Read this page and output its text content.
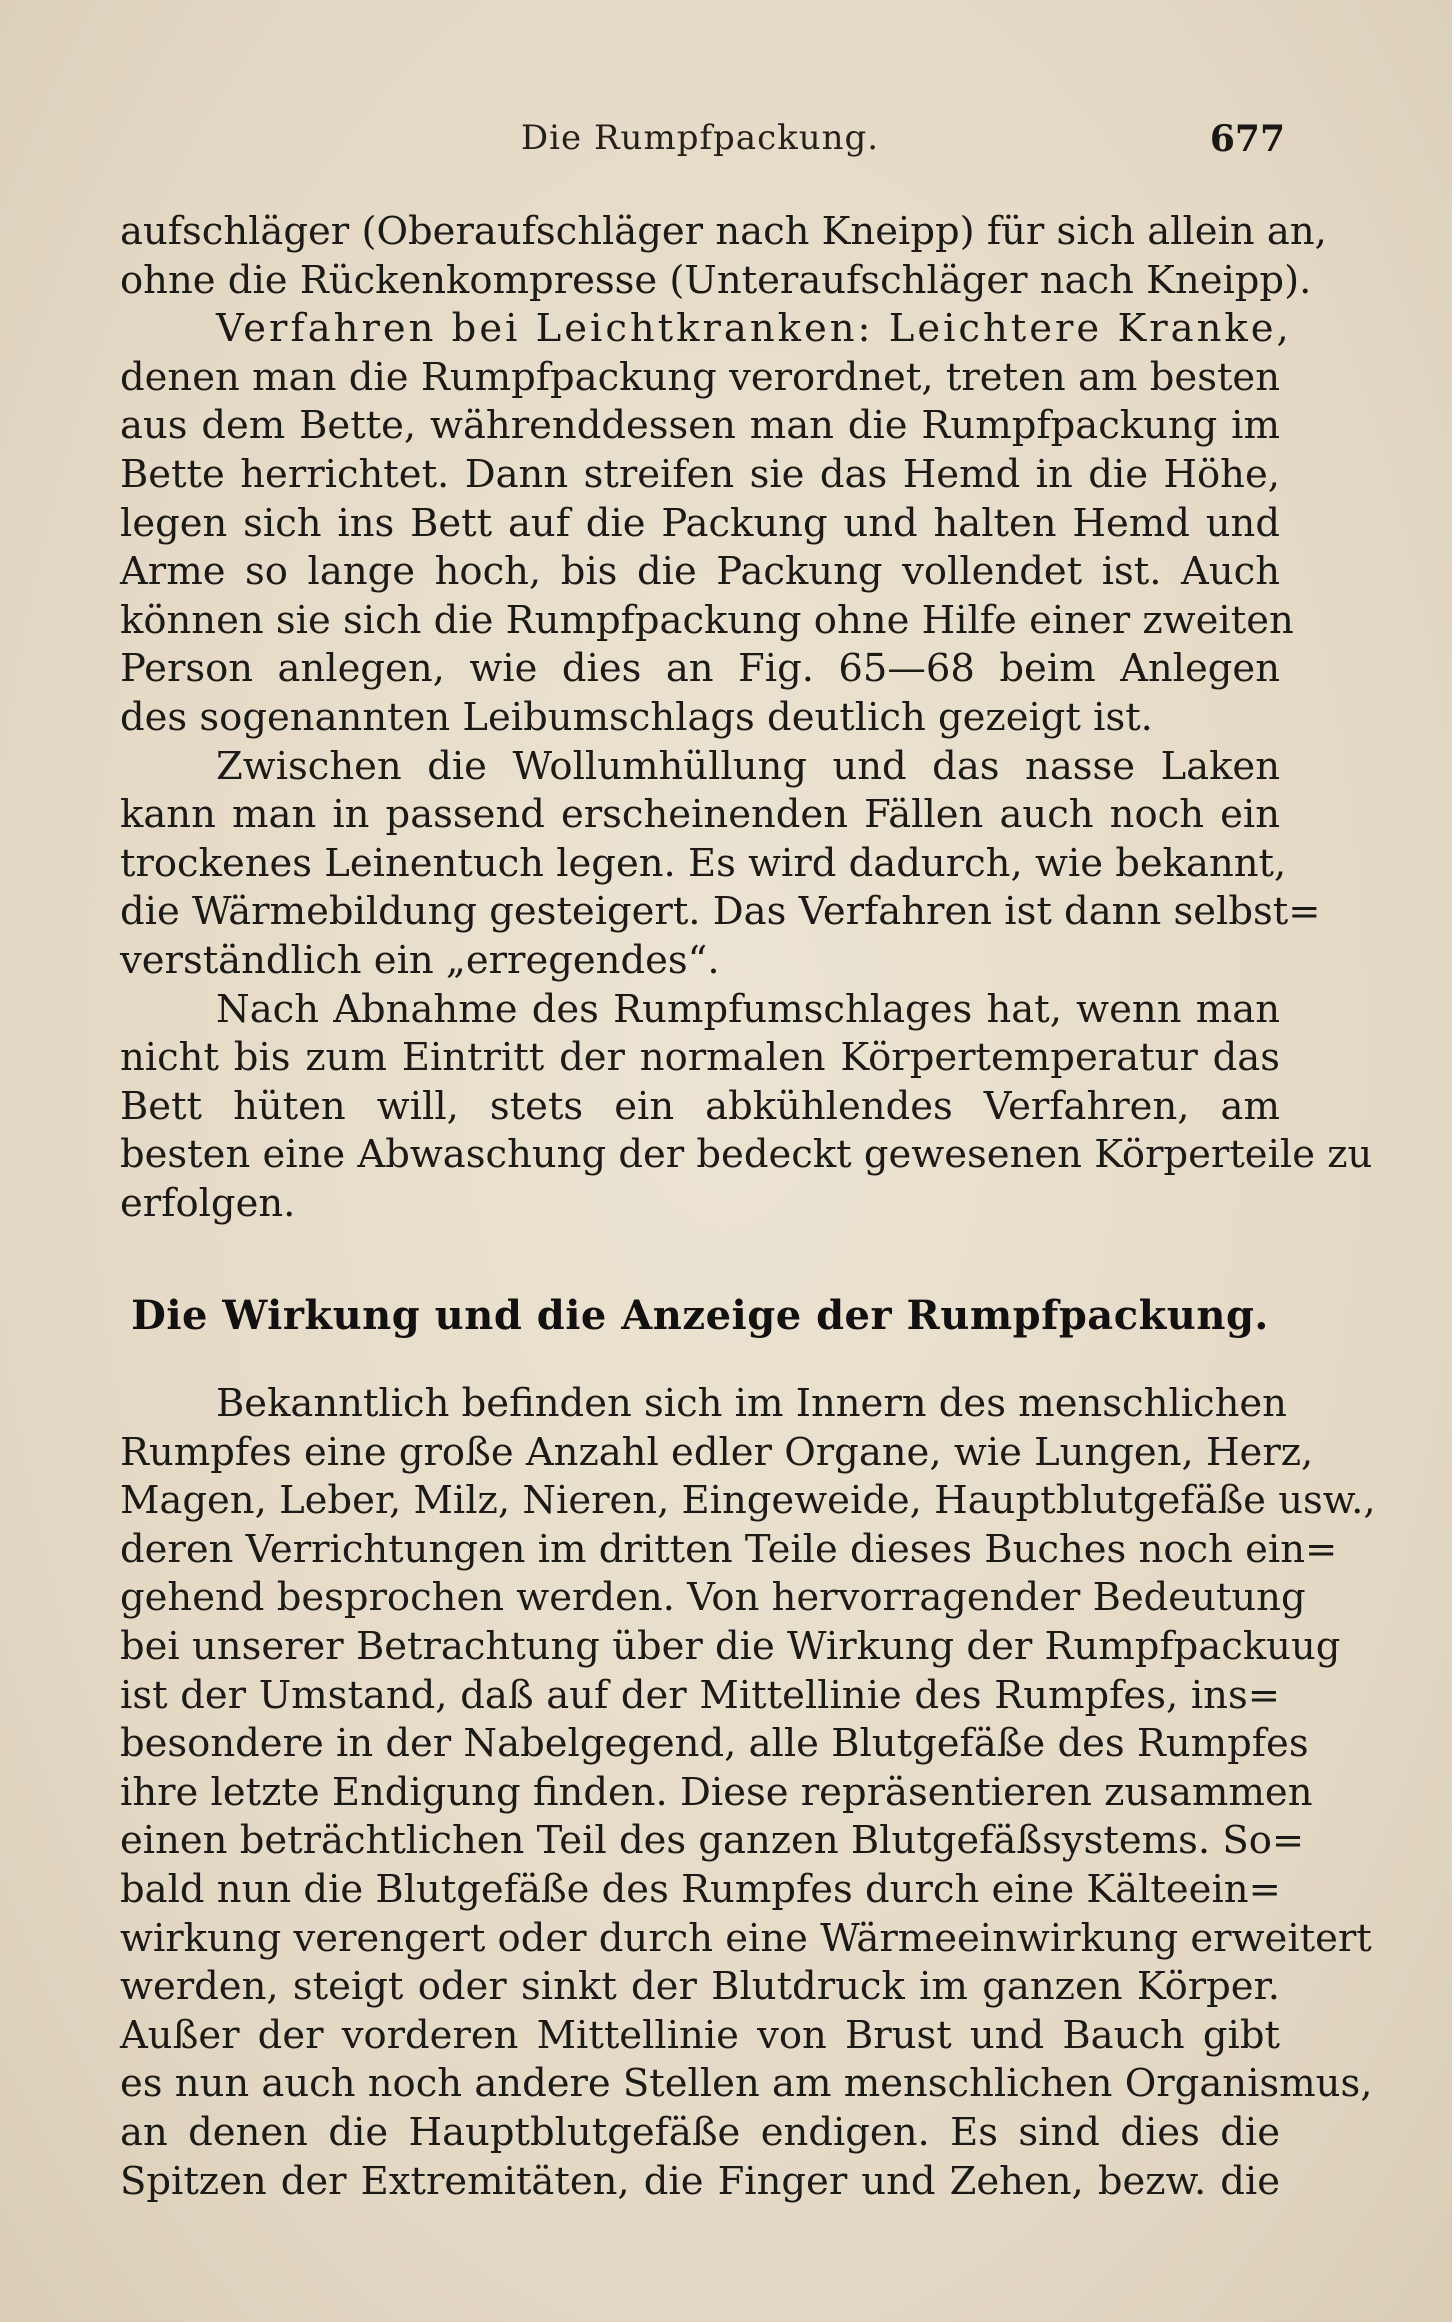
Die Rumpfpackung.	677
aufschläger (Oberaufschläger nach Kneipp) für sich allein an,
ohne die Rückenkompresse (Unteraufschläger nach Kneipp).
Verfahren bei Leichtkranken: Leichtere Kranke,
denen man die Rumpfpackung verordnet, treten am besten
aus dem Bette, währenddessen man die Rumpfpackung im
Bette herrichtet. Dann streifen sie das Hemd in die Höhe,
legen sich ins Bett auf die Packung und halten Hemd und
Arme so lange hoch, bis die Packung vollendet ist. Auch
können sie sich die Rumpfpackung ohne Hilfe einer zweiten
Person anlegen, wie dies an Fig. 65—68 beim Anlegen
des sogenannten Leibumschlags deutlich gezeigt ist.
Zwischen die Wollumhüllung und das nasse Laken
kann man in passend erscheinenden Fällen auch noch ein
trockenes Leinentuch legen. Es wird dadurch, wie bekannt,
die Wärmebildung gesteigert. Das Verfahren ist dann selbst=
verständlich ein „erregendes“.
Nach Abnahme des Rumpfumschlages hat, wenn man
nicht bis zum Eintritt der normalen Körpertemperatur das
Bett hüten will, stets ein abkühlendes Verfahren, am
besten eine Abwaschung der bedeckt gewesenen Körperteile zu
erfolgen.
Die Wirkung und die Anzeige der Rumpfpackung.
Bekanntlich befinden sich im Innern des menschlichen
Rumpfes eine große Anzahl edler Organe, wie Lungen, Herz,
Magen, Leber, Milz, Nieren, Eingeweide, Hauptblutgefäße usw.,
deren Verrichtungen im dritten Teile dieses Buches noch ein=
gehend besprochen werden. Von hervorragender Bedeutung
bei unserer Betrachtung über die Wirkung der Rumpfpackuug
ist der Umstand, daß auf der Mittellinie des Rumpfes, ins=
besondere in der Nabelgegend, alle Blutgefäße des Rumpfes
ihre letzte Endigung finden. Diese repräsentieren zusammen
einen beträchtlichen Teil des ganzen Blutgefäßsystems. So=
bald nun die Blutgefäße des Rumpfes durch eine Kälteein=
wirkung verengert oder durch eine Wärmeeinwirkung erweitert
werden, steigt oder sinkt der Blutdruck im ganzen Körper.
Außer der vorderen Mittellinie von Brust und Bauch gibt
es nun auch noch andere Stellen am menschlichen Organismus,
an denen die Hauptblutgefäße endigen. Es sind dies die
Spitzen der Extremitäten, die Finger und Zehen, bezw. die
